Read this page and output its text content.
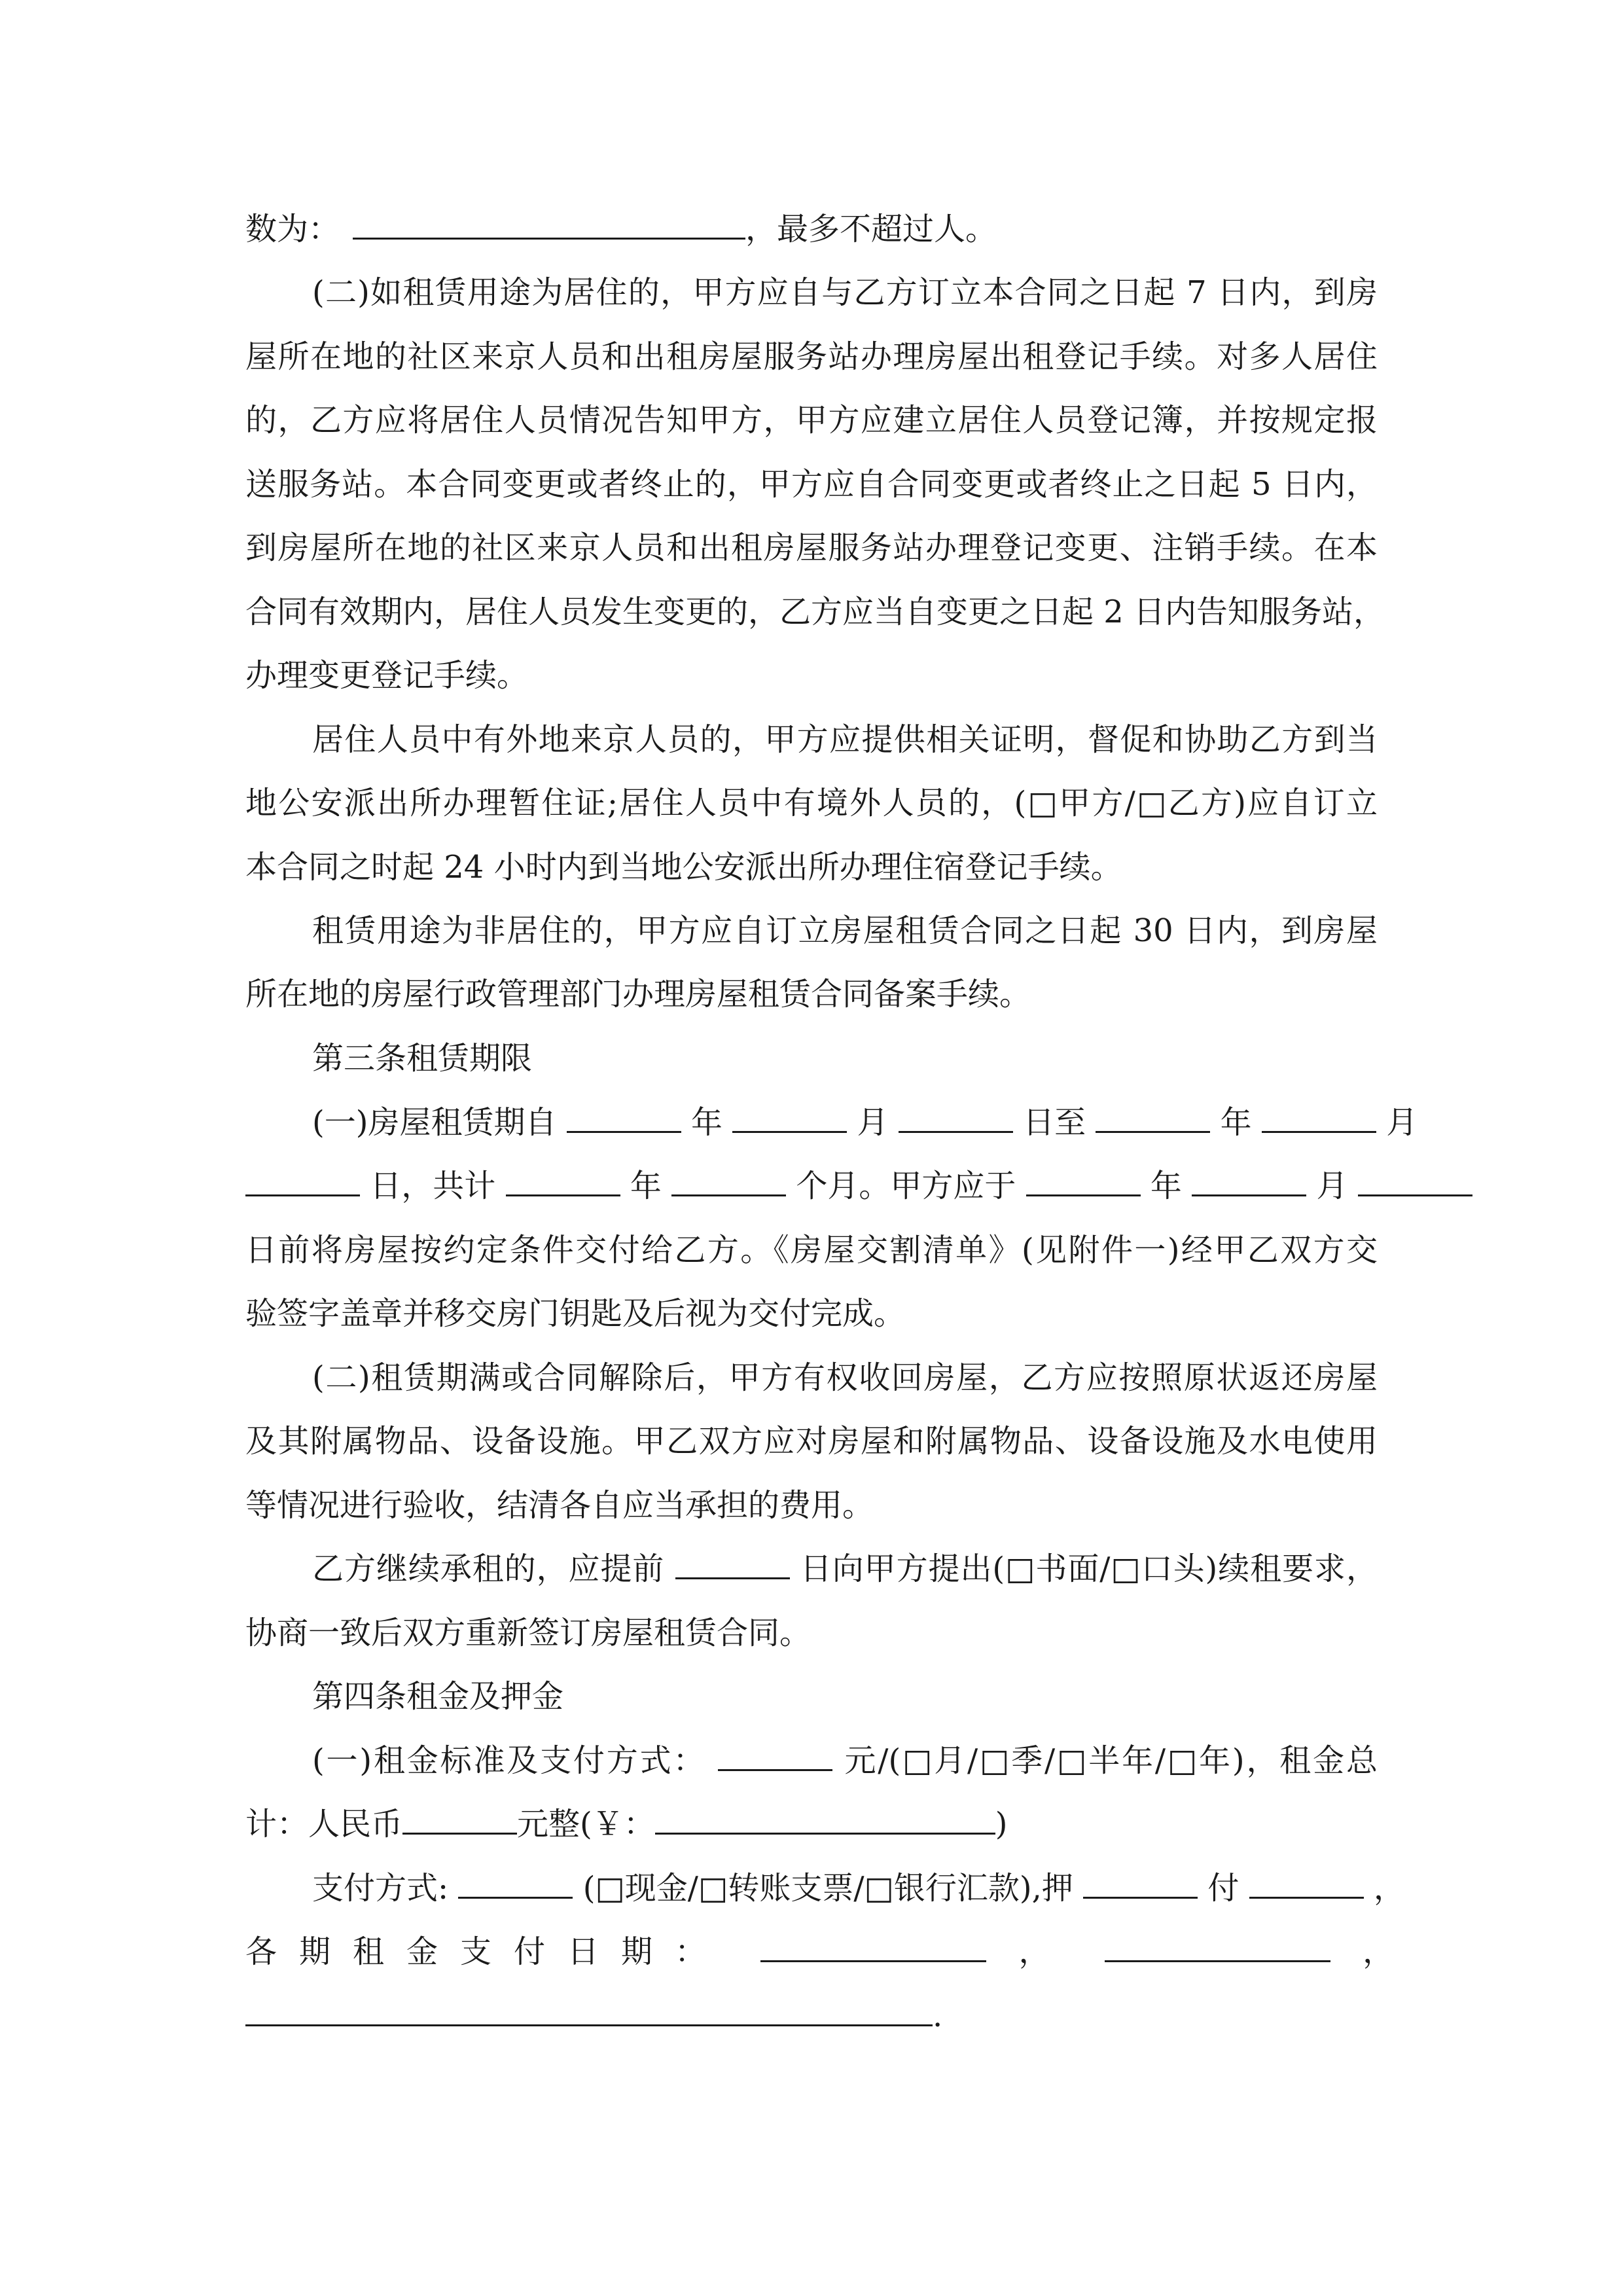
数为：	，最多不超过人。

(二)如租赁用途为居住的，甲方应自与乙方订立本合同之日起 7 日内，到房

屋所在地的社区来京人员和出租房屋服务站办理房屋出租登记手续。对多人居住

的，乙方应将居住人员情况告知甲方，甲方应建立居住人员登记簿，并按规定报

送服务站。本合同变更或者终止的，甲方应自合同变更或者终止之日起 5 日内，

到房屋所在地的社区来京人员和出租房屋服务站办理登记变更、注销手续。在本

合同有效期内，居住人员发生变更的，乙方应当自变更之日起 2 日内告知服务站，

办理变更登记手续。

居住人员中有外地来京人员的，甲方应提供相关证明，督促和协助乙方到当

地公安派出所办理暂住证;居住人员中有境外人员的，(□甲方/□乙方)应自订立

本合同之时起 24 小时内到当地公安派出所办理住宿登记手续。

租赁用途为非居住的，甲方应自订立房屋租赁合同之日起 30 日内，到房屋

所在地的房屋行政管理部门办理房屋租赁合同备案手续。

第三条租赁期限

(一)房屋租赁期自	年	月	日至	年	月

日，共计	年	个月。甲方应于	年	月

日前将房屋按约定条件交付给乙方。《房屋交割清单》(见附件一)经甲乙双方交

验签字盖章并移交房门钥匙及后视为交付完成。

(二)租赁期满或合同解除后，甲方有权收回房屋，乙方应按照原状返还房屋

及其附属物品、设备设施。甲乙双方应对房屋和附属物品、设备设施及水电使用

等情况进行验收，结清各自应当承担的费用。

乙方继续承租的，应提前	日向甲方提出(□书面/□口头)续租要求，

协商一致后双方重新签订房屋租赁合同。

第四条租金及押金

(一)租金标准及支付方式：	元/(□月/□季/□半年/□年)，租金总

计：人民币	元整(￥：	)

支付方式:	(□现金/□转账支票/□银行汇款),押	付	，

各期租金支付日期：	，	，

.
